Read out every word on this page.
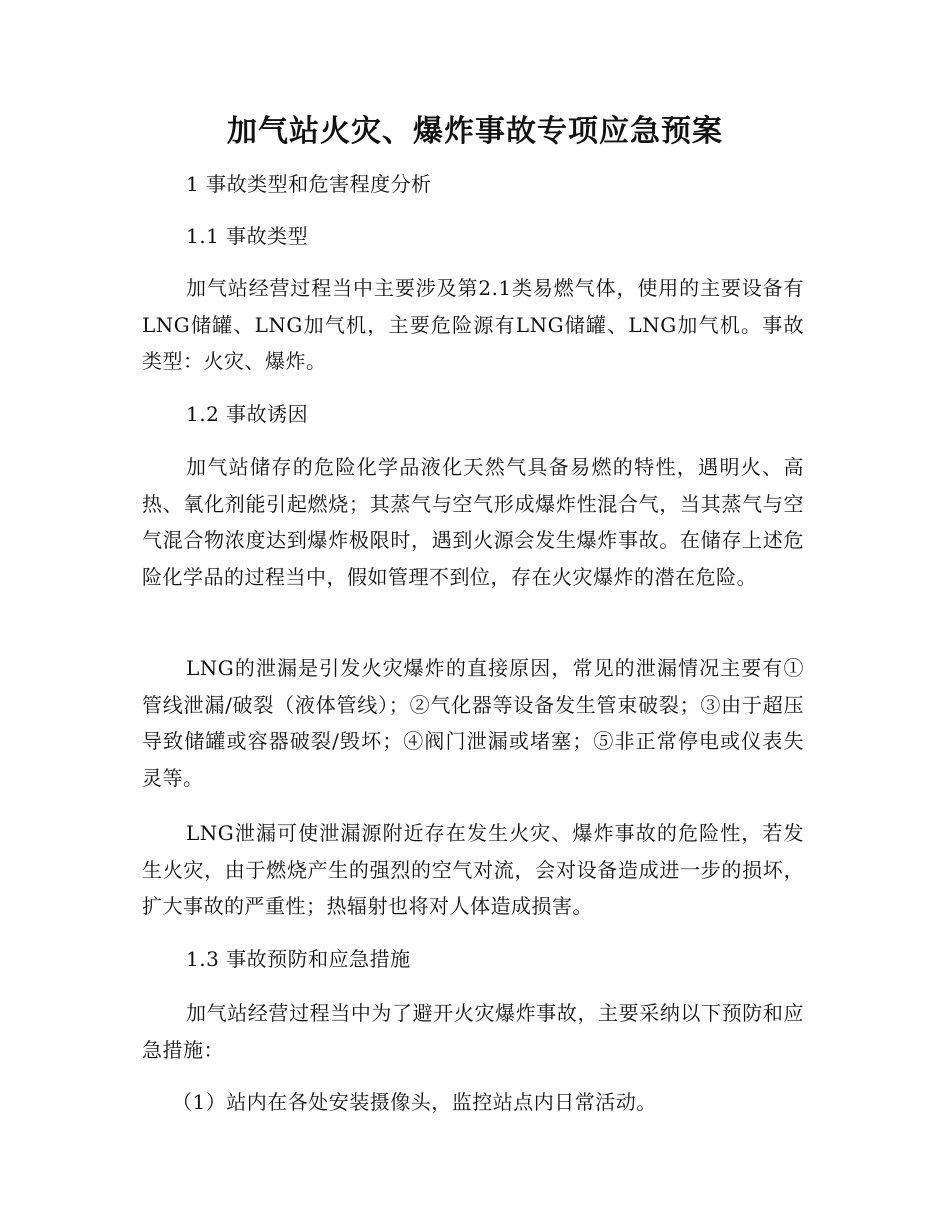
加气站火灾、爆炸事故专项应急预案
1 事故类型和危害程度分析
1.1 事故类型
加气站经营过程当中主要涉及第2.1类易燃气体，使用的主要设备有LNG储罐、LNG加气机，主要危险源有LNG储罐、LNG加气机。事故类型：火灾、爆炸。
1.2 事故诱因
加气站储存的危险化学品液化天然气具备易燃的特性，遇明火、高热、氧化剂能引起燃烧；其蒸气与空气形成爆炸性混合气，当其蒸气与空气混合物浓度达到爆炸极限时，遇到火源会发生爆炸事故。在储存上述危险化学品的过程当中，假如管理不到位，存在火灾爆炸的潜在危险。
LNG的泄漏是引发火灾爆炸的直接原因，常见的泄漏情况主要有①管线泄漏/破裂（液体管线）；②气化器等设备发生管束破裂；③由于超压导致储罐或容器破裂/毁坏；④阀门泄漏或堵塞；⑤非正常停电或仪表失灵等。
LNG泄漏可使泄漏源附近存在发生火灾、爆炸事故的危险性，若发生火灾，由于燃烧产生的强烈的空气对流，会对设备造成进一步的损坏，扩大事故的严重性；热辐射也将对人体造成损害。
1.3 事故预防和应急措施
加气站经营过程当中为了避开火灾爆炸事故，主要采纳以下预防和应急措施：
（1）站内在各处安装摄像头，监控站点内日常活动。
